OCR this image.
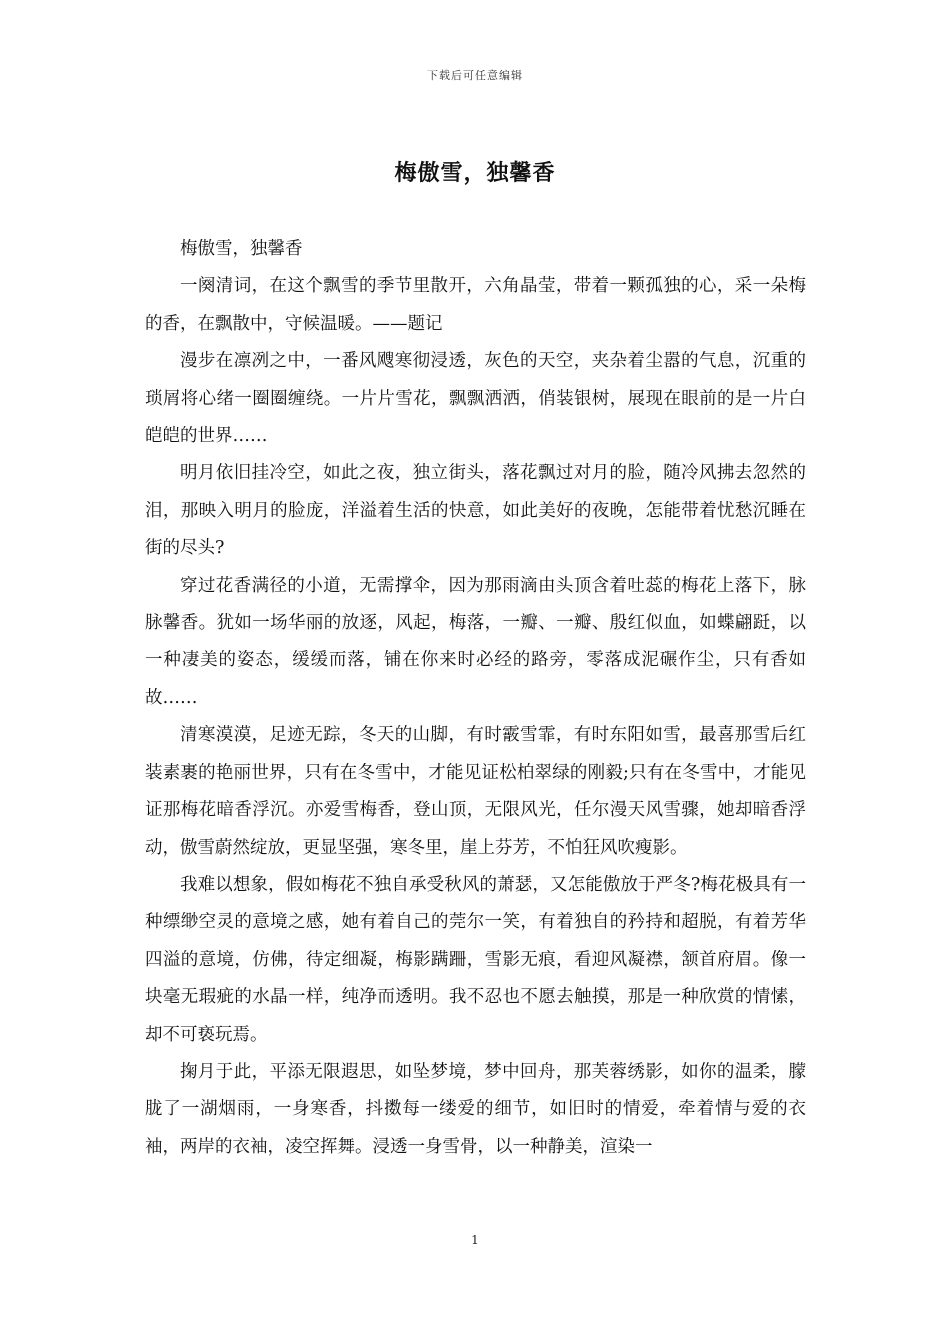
下载后可任意编辑
梅傲雪，独馨香

梅傲雪，独馨香

一阕清词，在这个飘雪的季节里散开，六角晶莹，带着一颗孤独的心，采一朵梅的香，在飘散中，守候温暖。——题记

漫步在凛冽之中，一番风飕寒彻浸透，灰色的天空，夹杂着尘嚣的气息，沉重的琐屑将心绪一圈圈缠绕。一片片雪花，飘飘洒洒，俏装银树，展现在眼前的是一片白皑皑的世界……

明月依旧挂冷空，如此之夜，独立街头，落花飘过对月的脸，随冷风拂去忽然的泪，那映入明月的脸庞，洋溢着生活的快意，如此美好的夜晚，怎能带着忧愁沉睡在街的尽头?

穿过花香满径的小道，无需撑伞，因为那雨滴由头顶含着吐蕊的梅花上落下，脉脉馨香。犹如一场华丽的放逐，风起，梅落，一瓣、一瓣、殷红似血，如蝶翩跹，以一种凄美的姿态，缓缓而落，铺在你来时必经的路旁，零落成泥碾作尘，只有香如故……

清寒漠漠，足迹无踪，冬天的山脚，有时霰雪霏，有时东阳如雪，最喜那雪后红装素裹的艳丽世界，只有在冬雪中，才能见证松柏翠绿的刚毅;只有在冬雪中，才能见证那梅花暗香浮沉。亦爱雪梅香，登山顶，无限风光，任尔漫天风雪骤，她却暗香浮动，傲雪蔚然绽放，更显坚强，寒冬里，崖上芬芳，不怕狂风吹瘦影。

我难以想象，假如梅花不独自承受秋风的萧瑟，又怎能傲放于严冬?梅花极具有一种缥缈空灵的意境之感，她有着自己的莞尔一笑，有着独自的矜持和超脱，有着芳华四溢的意境，仿佛，待定细凝，梅影蹒跚，雪影无痕，看迎风凝襟，颔首府眉。像一块毫无瑕疵的水晶一样，纯净而透明。我不忍也不愿去触摸，那是一种欣赏的情愫，却不可亵玩焉。

掬月于此，平添无限遐思，如坠梦境，梦中回舟，那芙蓉绣影，如你的温柔，朦胧了一湖烟雨，一身寒香，抖擞每一缕爱的细节，如旧时的情爱，牵着情与爱的衣袖，两岸的衣袖，凌空挥舞。浸透一身雪骨，以一种静美，渲染一

1
